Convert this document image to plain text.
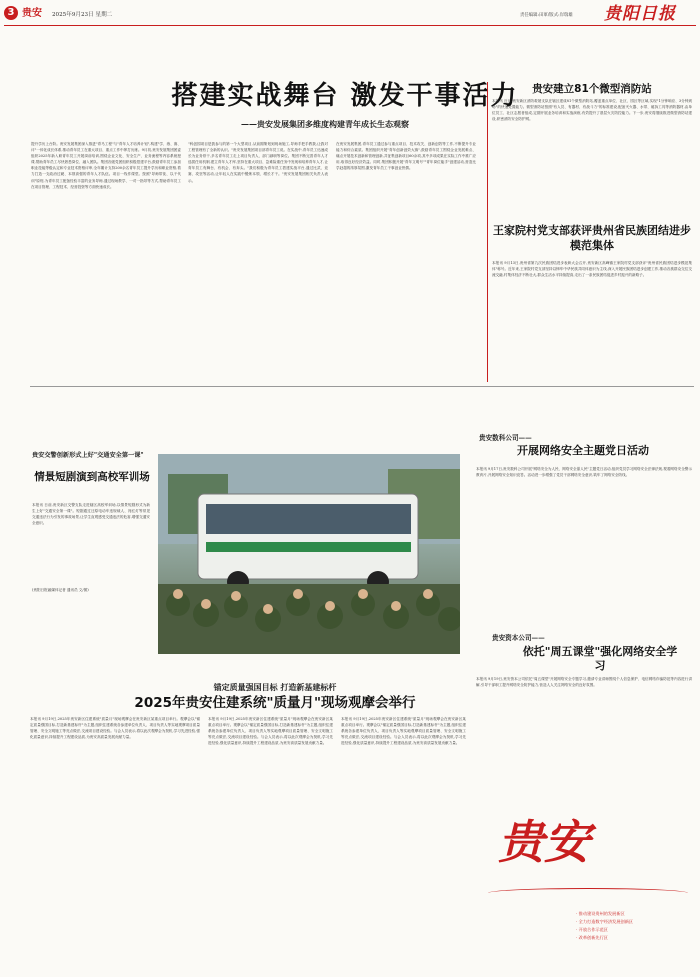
3 贵安 2025年9月23日 星期二	责任编辑:田軍/版式:岸瑞雄 贵阳日报
搭建实战舞台 激发干事活力
——贵安发展集团多维度构建青年成长生态观察
提升学历上台阶。贵安发展集团深入推进"青马工程"与"青年人才培养计划",构建"学、练、赛、评"一体化成长体系,推动青年员工在重大项目、重点工作中摔打历练。9月初,贵安发展集团团委组织2025年新入职青年员工开展岗前培训,围绕企业文化、安全生产、业务流程等内容系统授课,帮助青年员工尽快熟悉岗位、融入团队。集团各级党团组织积极搭建平台,鼓励青年员工参加职业技能等级认定和专业技术资格评审,全年累计支持200余名青年员工提升学历和职业资格,着力打造一支政治过硬、本领高强的青年人才队伍。项目一线作课堂。按照"导师带徒、以干代训"原则,为青年员工配备经验丰富的业务导师,通过现场教学、一对一指导等方式,帮助青年员工在项目管理、工程技术、经营投资等方面快速成长。
"科创园项目是我参与的第一个大型项目,从前期策划到现场施工,导师手把手教我,让我对工程管理有了全新的认识。"贵安发展集团项目部青年员工说。在实战中,青年员工迅速成长为业务骨干,多名青年员工走上项目负责人、部门副职等岗位。集团不断完善青年人才选拔任用机制,建立青年人才库,坚持在重大项目、急难险重任务中发现和培养青年人才,让青年员工有舞台、有机会、有奔头。"我们积极为青年员工搭建实战平台,通过比武、竞赛、攻坚等活动,让年轻人在实践中锻炼本领、增长才干。"贵安发展集团相关负责人表示。
在贵安发展集团,青年员工通过参与重点项目、技术攻关、创新创效等工作,不断提升专业能力和综合素质。集团组织开展"青年创新创效大赛",鼓励青年员工围绕企业发展难点、痛点开展技术创新和管理创新,共征集创新项目60余项,其中多项成果在实际工作中推广应用,取得良好经济效益。同时,集团积极开展"青年文明号""青年岗位能手"创建活动,营造比学赶超的浓厚氛围,激发青年员工干事创业热情。
贵安建立81个微型消防站
本报讯 近日,贵安新区消防救援支队在辖区建成81个微型消防站,覆盖重点单位、社区、园区等区域,实现"1分钟响应、3分钟到场"的快速处置能力。微型消防站按照"有人员、有器材、有战斗力"的标准建设,配备灭火器、水带、破拆工具等消防器材,由单位员工、社区志愿者组成,定期开展业务培训和实战演练,有效提升了基层火灾防控能力。下一步,贵安将继续推进微型消防站建设,织密消防安全防护网。
王家院村党支部获评贵州省民族团结进步模范集体
本报讯 9月13日,贵州省第九次民族团结进步表彰大会召开,贵安新区高峰镇王家院村党支部获评"贵州省民族团结进步模范集体"称号。近年来,王家院村党支部坚持以铸牢中华民族共同体意识为主线,深入开展民族团结进步创建工作,推动各族群众交往交流交融,村集体经济不断壮大,群众生活水平持续提高,走出了一条民族团结促进乡村振兴的新路子。
贵安交警创新形式上好"交通安全第一课"
情景短剧演到高校军训场
本报讯 日前,贵安新区交警支队走进辖区高校军训场,以情景短剧形式为新生上好"交通安全第一课"。短剧通过还原电动车违规载人、闯红灯等常见交通违法行为引发的事故场景,让学生直观感受交通违法的危害,增强交通安全意识。
(贵阳日报融媒体记者 通讯员 文/图)
贵安数科公司——
开展网络安全主题党日活动
本报讯 9月17日,贵安数科公司开展"网络安全为人民、网络安全靠人民"主题党日活动,组织党员学习网络安全法律法规,观看网络安全警示教育片,开展网络安全知识竞答。活动进一步增强了党员干部网络安全意识,筑牢了网络安全防线。
贵安资本公司——
依托"周五课堂"强化网络安全学习
本报讯 9月19日,贵安资本公司依托"周五课堂"开展网络安全专题学习,邀请专业讲师围绕个人信息保护、电信网络诈骗防范等内容进行讲解,引导干部职工提升网络安全防护能力,营造人人关注网络安全的良好氛围。
锚定质量强国目标 打造新基建标杆
2025年贵安住建系统"质量月"现场观摩会举行
本报讯 9月19日,2025年贵安新区住建系统"质量月"现场观摩会在贵安新区某重点项目举行。观摩会以"锚定质量强国目标,打造新基建标杆"为主题,组织住建系统各参建单位负责人、项目负责人等实地观摩项目质量管理、安全文明施工等亮点做法,交流项目建设经验。与会人员表示,将以此次观摩会为契机,学习先进经验,强化质量意识,持续提升工程建设品质,为贵安高质量发展贡献力量。
本报讯 9月19日,2025年贵安新区住建系统"质量月"现场观摩会在贵安新区某重点项目举行。观摩会以"锚定质量强国目标,打造新基建标杆"为主题,组织住建系统各参建单位负责人、项目负责人等实地观摩项目质量管理、安全文明施工等亮点做法,交流项目建设经验。与会人员表示,将以此次观摩会为契机,学习先进经验,强化质量意识,持续提升工程建设品质,为贵安高质量发展贡献力量。
本报讯 9月19日,2025年贵安新区住建系统"质量月"现场观摩会在贵安新区某重点项目举行。观摩会以"锚定质量强国目标,打造新基建标杆"为主题,组织住建系统各参建单位负责人、项目负责人等实地观摩项目质量管理、安全文明施工等亮点做法,交流项目建设经验。与会人员表示,将以此次观摩会为契机,学习先进经验,强化质量意识,持续提升工程建设品质,为贵安高质量发展贡献力量。
贵安
· 推动建设贵州的发展新区
· 全力打造数字经济发展创新区
· 开放合作示范区
· 改革创新先行区
